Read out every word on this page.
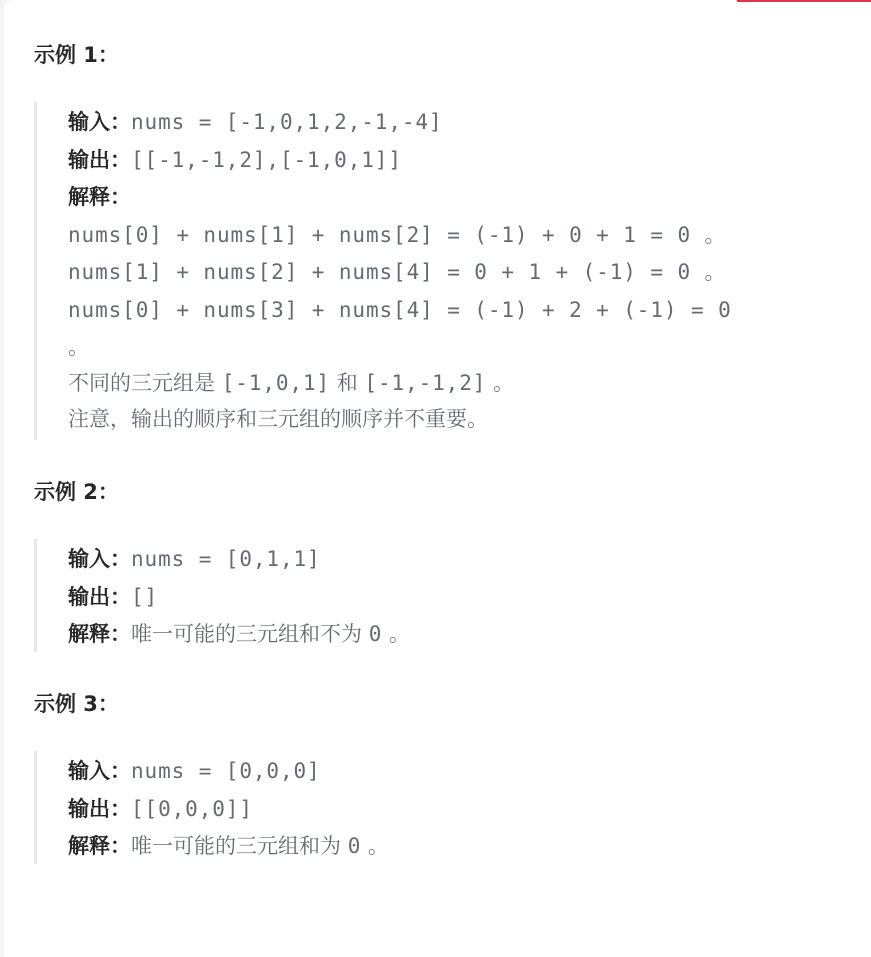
示例 1：
输入：nums = [-1,0,1,2,-1,-4]
输出：[[-1,-1,2],[-1,0,1]]
解释：
nums[0] + nums[1] + nums[2] = (-1) + 0 + 1 = 0 。
nums[1] + nums[2] + nums[4] = 0 + 1 + (-1) = 0 。
nums[0] + nums[3] + nums[4] = (-1) + 2 + (-1) = 0
。
不同的三元组是 [-1,0,1] 和 [-1,-1,2] 。
注意，输出的顺序和三元组的顺序并不重要。
示例 2：
输入：nums = [0,1,1]
输出：[]
解释：唯一可能的三元组和不为 0 。
示例 3：
输入：nums = [0,0,0]
输出：[[0,0,0]]
解释：唯一可能的三元组和为 0 。
